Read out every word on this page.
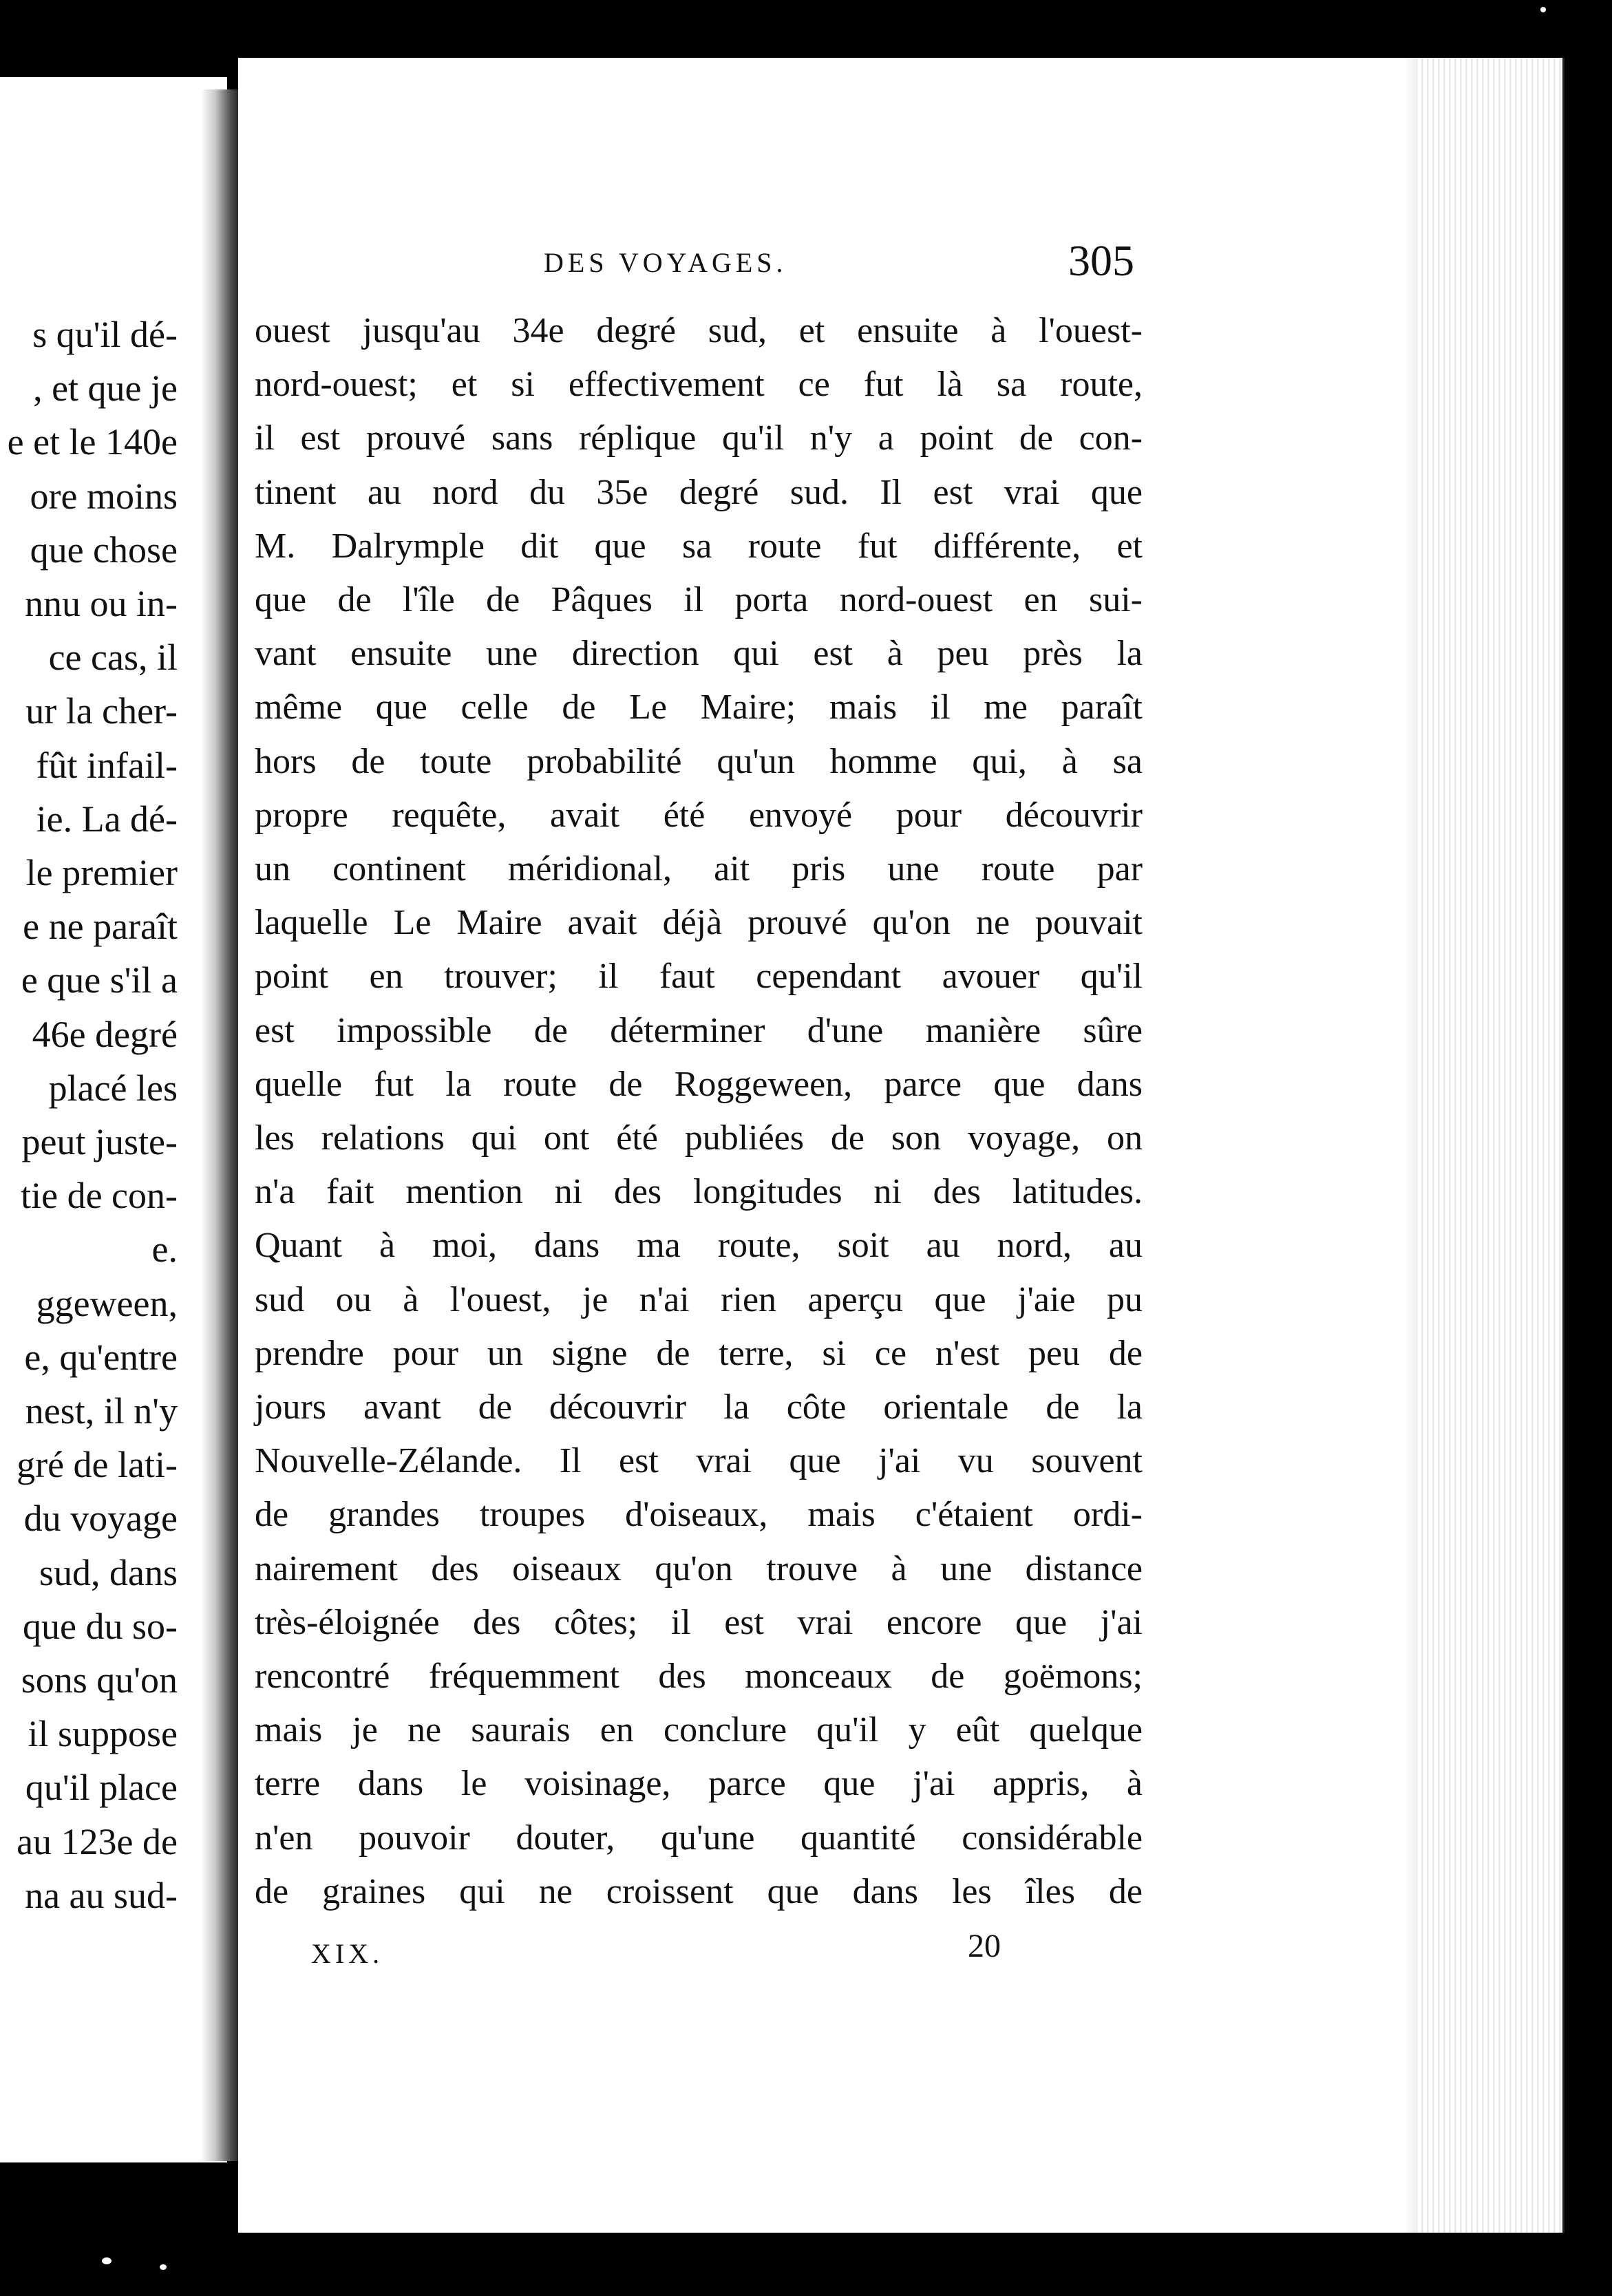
s qu'il dé-
, et que je
e et le 140e
ore moins
que chose
nnu ou in-
ce cas, il
ur la cher-
fût infail-
ie. La dé-
le premier
e ne paraît
e que s'il a
46e degré
placé les
peut juste-
tie de con-
e.
ggeween,
e, qu'entre
nest, il n'y
gré de lati-
du voyage
sud, dans
que du so-
sons qu'on
il suppose
qu'il place
au 123e de
na au sud-
DES VOYAGES.	305
ouest jusqu'au 34e degré sud, et ensuite à l'ouest-
nord-ouest; et si effectivement ce fut là sa route,
il est prouvé sans réplique qu'il n'y a point de con-
tinent au nord du 35e degré sud. Il est vrai que
M. Dalrymple dit que sa route fut différente, et
que de l'île de Pâques il porta nord-ouest en sui-
vant ensuite une direction qui est à peu près la
même que celle de Le Maire; mais il me paraît
hors de toute probabilité qu'un homme qui, à sa
propre requête, avait été envoyé pour découvrir
un continent méridional, ait pris une route par
laquelle Le Maire avait déjà prouvé qu'on ne pouvait
point en trouver; il faut cependant avouer qu'il
est impossible de déterminer d'une manière sûre
quelle fut la route de Roggeween, parce que dans
les relations qui ont été publiées de son voyage, on
n'a fait mention ni des longitudes ni des latitudes.
Quant à moi, dans ma route, soit au nord, au
sud ou à l'ouest, je n'ai rien aperçu que j'aie pu
prendre pour un signe de terre, si ce n'est peu de
jours avant de découvrir la côte orientale de la
Nouvelle-Zélande. Il est vrai que j'ai vu souvent
de grandes troupes d'oiseaux, mais c'étaient ordi-
nairement des oiseaux qu'on trouve à une distance
très-éloignée des côtes; il est vrai encore que j'ai
rencontré fréquemment des monceaux de goëmons;
mais je ne saurais en conclure qu'il y eût quelque
terre dans le voisinage, parce que j'ai appris, à
n'en pouvoir douter, qu'une quantité considérable
de graines qui ne croissent que dans les îles de
XIX.	20
